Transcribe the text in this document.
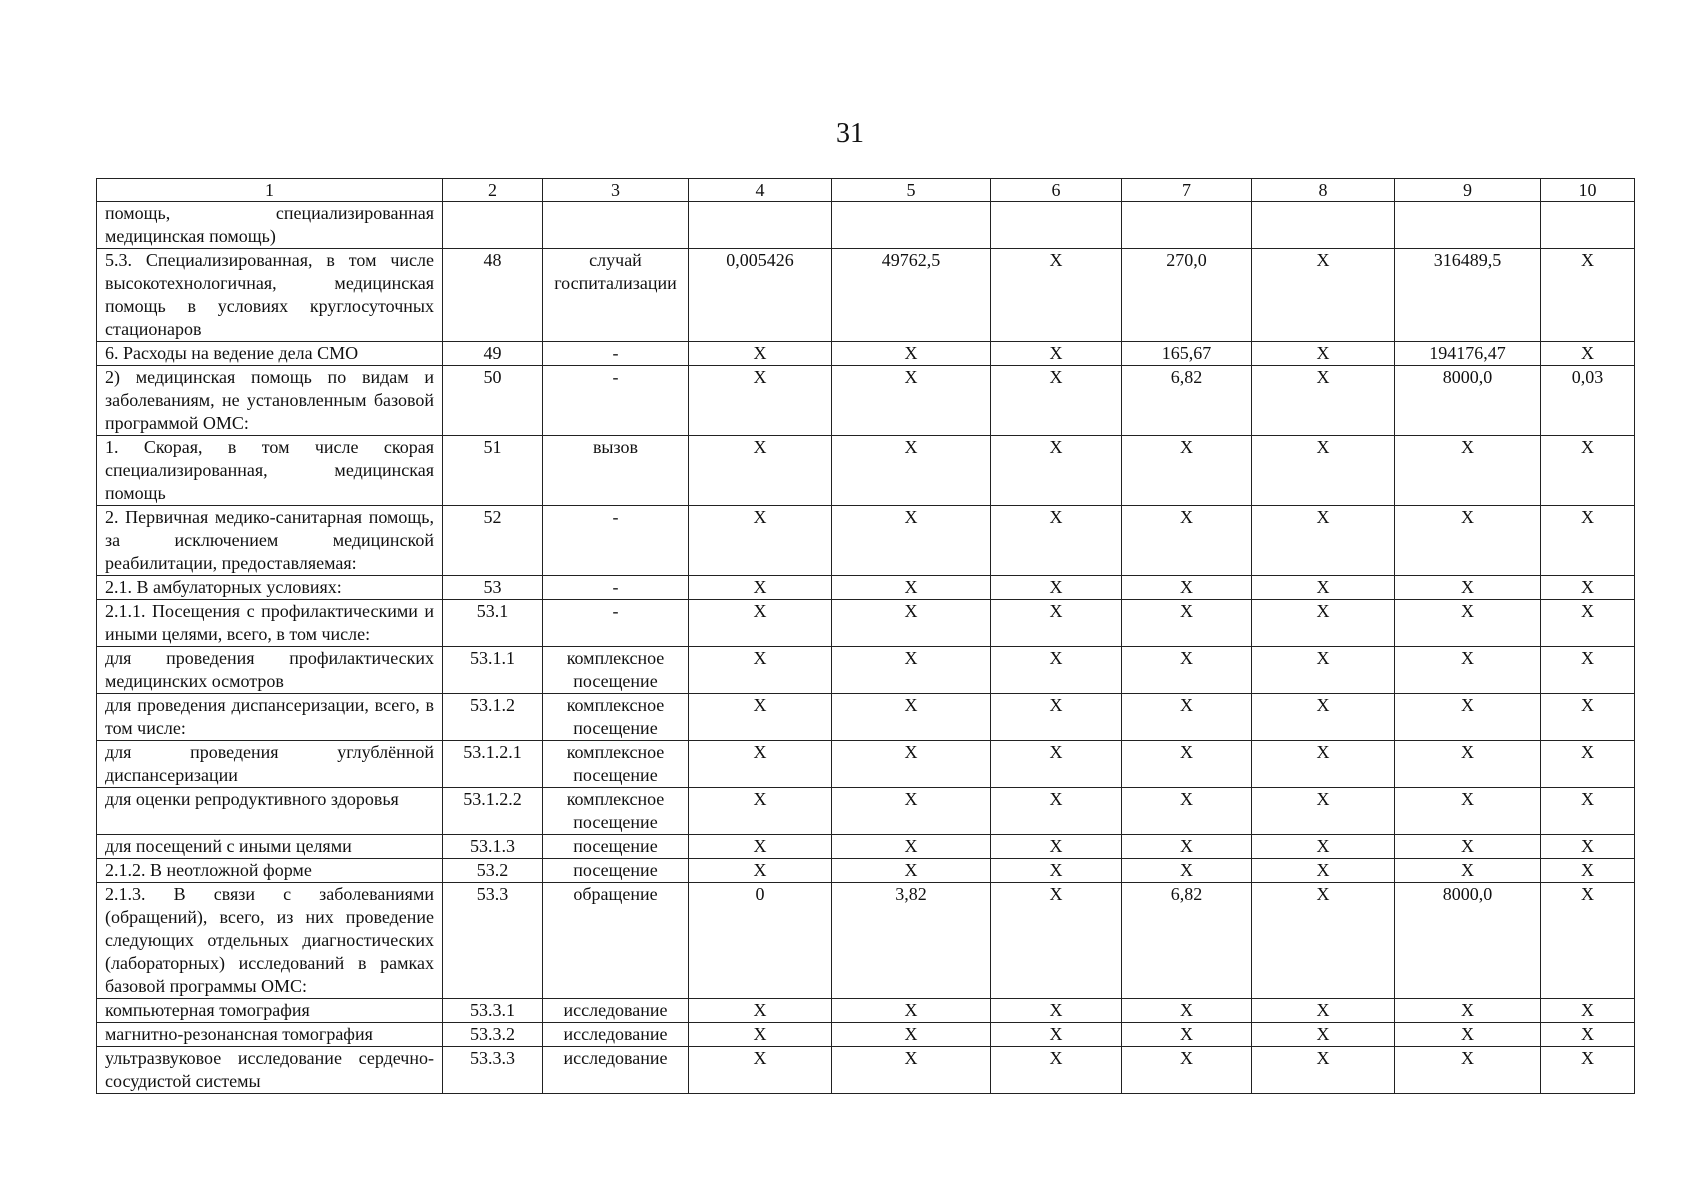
31
1	2	3	4	5	6	7	8	9	10
помощь, специализированная медицинская помощь)									
5.3. Специализированная, в том числе высокотехнологичная, медицинская помощь в условиях круглосуточных стационаров	48	случай госпитализации	0,005426	49762,5	X	270,0	X	316489,5	X
6. Расходы на ведение дела СМО	49	-	X	X	X	165,67	X	194176,47	X
2) медицинская помощь по видам и заболеваниям, не установленным базовой программой ОМС:	50	-	X	X	X	6,82	X	8000,0	0,03
1. Скорая, в том числе скорая специализированная, медицинская помощь	51	вызов	X	X	X	X	X	X	X
2. Первичная медико-санитарная помощь, за исключением медицинской реабилитации, предоставляемая:	52	-	X	X	X	X	X	X	X
2.1. В амбулаторных условиях:	53	-	X	X	X	X	X	X	X
2.1.1. Посещения с профилактическими и иными целями, всего, в том числе:	53.1	-	X	X	X	X	X	X	X
для проведения профилактических медицинских осмотров	53.1.1	комплексное посещение	X	X	X	X	X	X	X
для проведения диспансеризации, всего, в том числе:	53.1.2	комплексное посещение	X	X	X	X	X	X	X
для проведения углублённой диспансеризации	53.1.2.1	комплексное посещение	X	X	X	X	X	X	X
для оценки репродуктивного здоровья	53.1.2.2	комплексное посещение	X	X	X	X	X	X	X
для посещений с иными целями	53.1.3	посещение	X	X	X	X	X	X	X
2.1.2. В неотложной форме	53.2	посещение	X	X	X	X	X	X	X
2.1.3. В связи с заболеваниями (обращений), всего, из них проведение следующих отдельных диагностических (лабораторных) исследований в рамках базовой программы ОМС:	53.3	обращение	0	3,82	X	6,82	X	8000,0	X
компьютерная томография	53.3.1	исследование	X	X	X	X	X	X	X
магнитно-резонансная томография	53.3.2	исследование	X	X	X	X	X	X	X
ультразвуковое исследование сердечно-сосудистой системы	53.3.3	исследование	X	X	X	X	X	X	X
